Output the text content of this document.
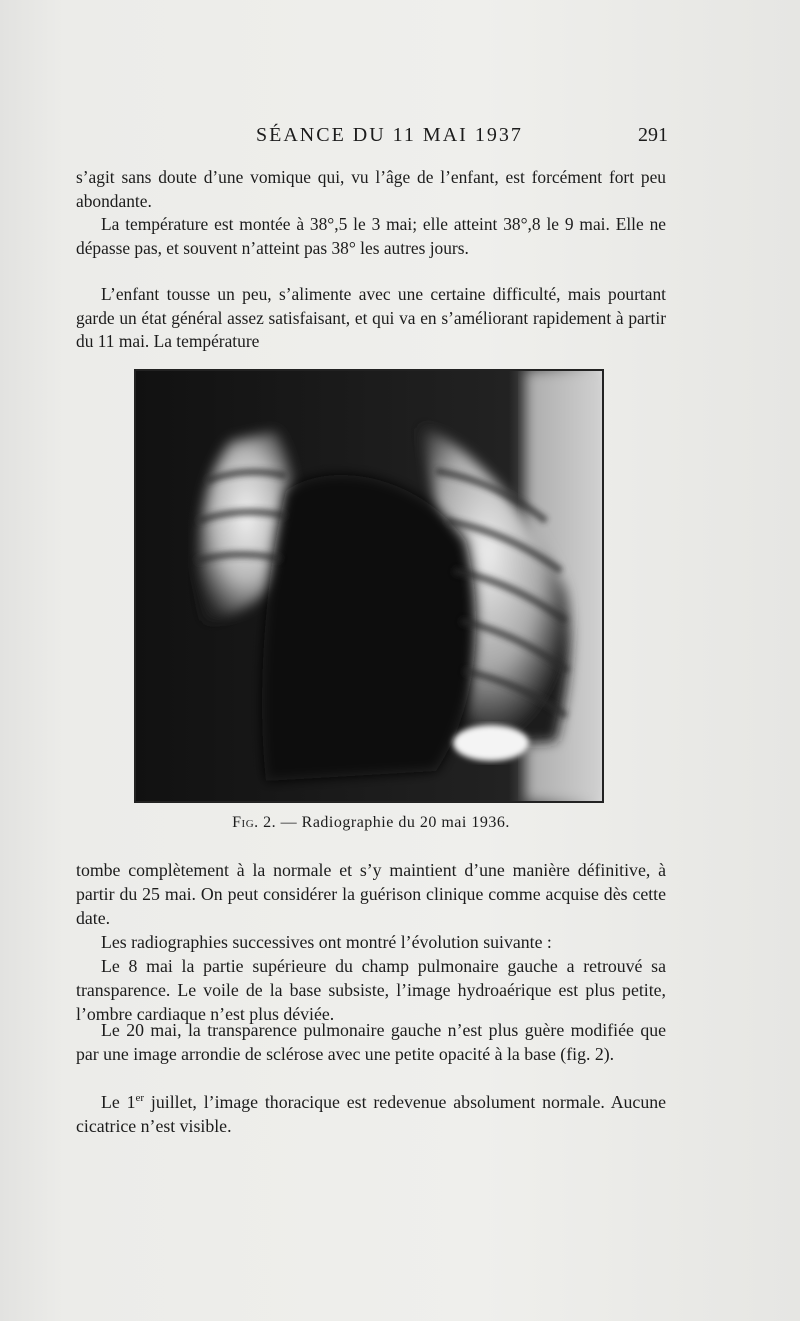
SÉANCE DU 11 MAI 1937	291

s’agit sans doute d’une vomique qui, vu l’âge de l’enfant, est forcément fort peu abondante.

La température est montée à 38°,5 le 3 mai; elle atteint 38°,8 le 9 mai. Elle ne dépasse pas, et souvent n’atteint pas 38° les autres jours.

L’enfant tousse un peu, s’alimente avec une certaine difficulté, mais pourtant garde un état général assez satisfaisant, et qui va en s’améliorant rapidement à partir du 11 mai. La température

Fig. 2. — Radiographie du 20 mai 1936.

tombe complètement à la normale et s’y maintient d’une manière définitive, à partir du 25 mai. On peut considérer la guérison clinique comme acquise dès cette date.

Les radiographies successives ont montré l’évolution suivante :

Le 8 mai la partie supérieure du champ pulmonaire gauche a retrouvé sa transparence. Le voile de la base subsiste, l’image hydroaérique est plus petite, l’ombre cardiaque n’est plus déviée.

Le 20 mai, la transparence pulmonaire gauche n’est plus guère modifiée que par une image arrondie de sclérose avec une petite opacité à la base (fig. 2).

Le 1er juillet, l’image thoracique est redevenue absolument normale. Aucune cicatrice n’est visible.
